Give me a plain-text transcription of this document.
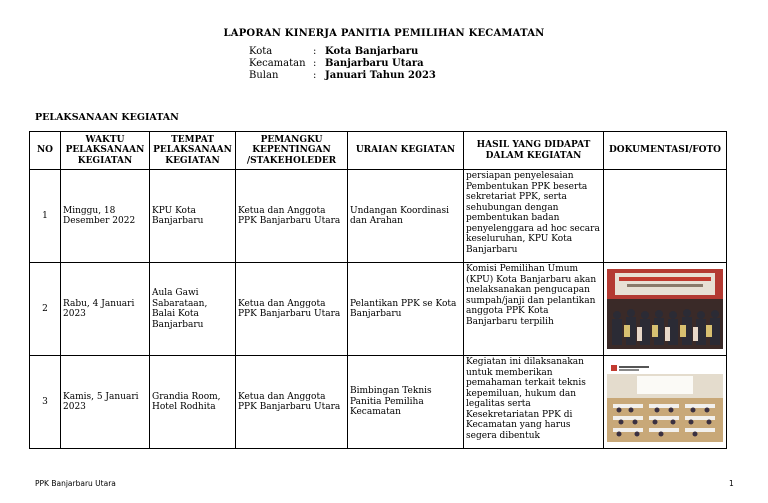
LAPORAN KINERJA PANITIA PEMILIHAN KECAMATAN
Kota	: Kota Banjarbaru
Kecamatan : Banjarbaru Utara
Bulan	: Januari Tahun 2023
PELAKSANAAN KEGIATAN
NO	WAKTU PELAKSANAAN KEGIATAN	TEMPAT PELAKSANAAN KEGIATAN	PEMANGKU KEPENTINGAN /STAKEHOLEDER	URAIAN KEGIATAN	HASIL YANG DIDAPAT DALAM KEGIATAN	DOKUMENTASI/FOTO
1	Minggu, 18 Desember 2022	KPU Kota Banjarbaru	Ketua dan Anggota PPK Banjarbaru Utara	Undangan Koordinasi dan Arahan	persiapan penyelesaian Pembentukan PPK beserta sekretariat PPK, serta sehubungan dengan pembentukan badan penyelenggara ad hoc secara keseluruhan, KPU Kota Banjarbaru	
2	Rabu, 4 Januari 2023	Aula Gawi Sabarataan, Balai Kota Banjarbaru	Ketua dan Anggota PPK Banjarbaru Utara	Pelantikan PPK se Kota Banjarbaru	Komisi Pemilihan Umum (KPU) Kota Banjarbaru akan melaksanakan pengucapan sumpah/janji dan pelantikan anggota PPK Kota Banjarbaru terpilih	

3	Kamis, 5 Januari 2023	Grandia Room, Hotel Rodhita	Ketua dan Anggota PPK Banjarbaru Utara	Bimbingan Teknis Panitia Pemiliha Kecamatan	Kegiatan ini dilaksanakan untuk memberikan pemahaman terkait teknis kepemiluan, hukum dan legalitas serta Kesekretariatan PPK di Kecamatan yang harus segera dibentuk	
PPK Banjarbaru Utara	1
